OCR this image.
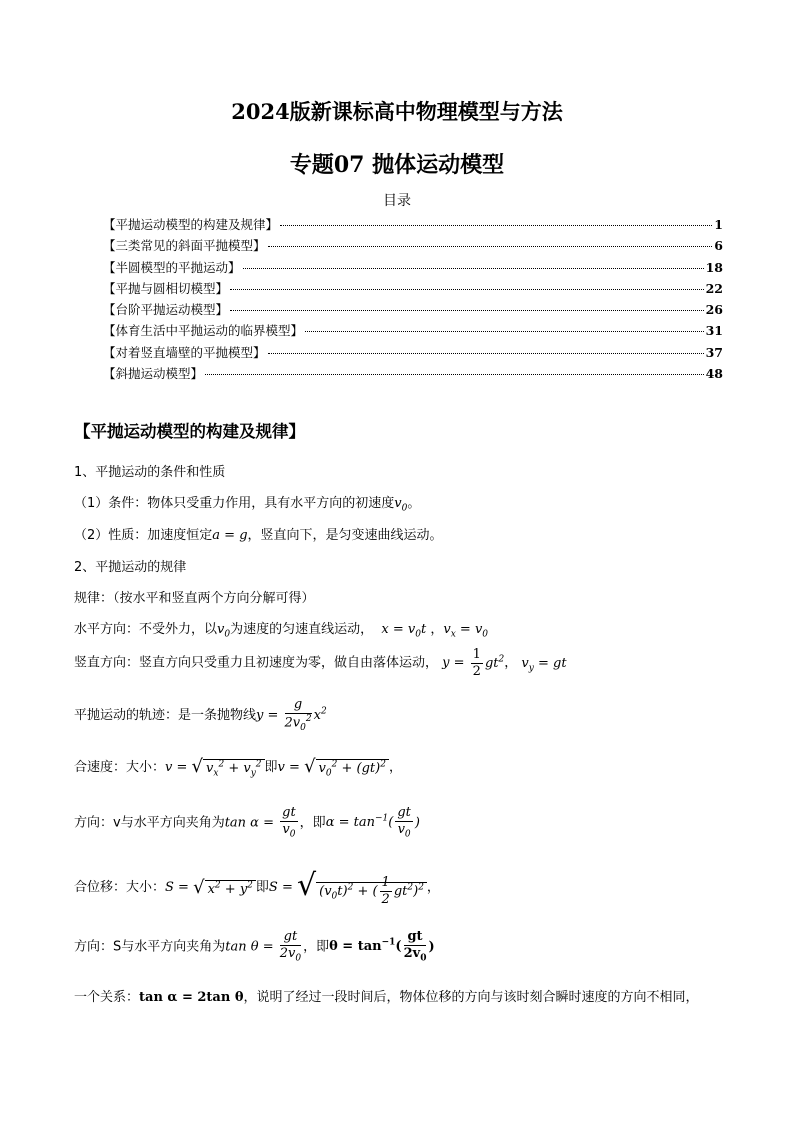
2024版新课标高中物理模型与方法
专题07 抛体运动模型
目录
【平抛运动模型的构建及规律】	1
【三类常见的斜面平抛模型】	6
【半圆模型的平抛运动】	18
【平抛与圆相切模型】	22
【台阶平抛运动模型】	26
【体育生活中平抛运动的临界模型】	31
【对着竖直墙壁的平抛模型】	37
【斜抛运动模型】	48
【平抛运动模型的构建及规律】
1、平抛运动的条件和性质
（1）条件：物体只受重力作用，具有水平方向的初速度$v_0$。
（2）性质：加速度恒定a = g，竖直向下，是匀变速曲线运动。
2、平抛运动的规律
规律：（按水平和竖直两个方向分解可得）
水平方向：不受外力，以$v_0$为速度的匀速直线运动，  $x = v_0t$ ，$v_x = v_0$
竖直方向：竖直方向只受重力且初速度为零，做自由落体运动， $y = \frac{1}{2} gt^2$， $v_y$ = gt
平抛运动的轨迹：是一条抛物线$y = \frac{g}{2v_0^2} x^2$
合速度：大小：v = √ $v_x^2 + v_y^2$ 即v = √ $v_0^2 + (gt)^2$ ，
方向：v与水平方向夹角为$\tan \alpha = \frac{gt}{v_0}$ ，即$\alpha = \tan^{-1}( \frac{gt}{v_0}$ )
合位移：大小：S = √ $x^2 + y^2$ 即S = √ $(v_0t)^2$ + ( $\frac{1}{2} gt^2)^2$ ，
方向：S与水平方向夹角为$\tan \theta = \frac{gt}{2v_0}$ ，即$\theta = \tan^{-1}( \frac{gt}{2v_0}$ )
一个关系：tan α = 2tan θ，说明了经过一段时间后，物体位移的方向与该时刻合瞬时速度的方向不相同，
